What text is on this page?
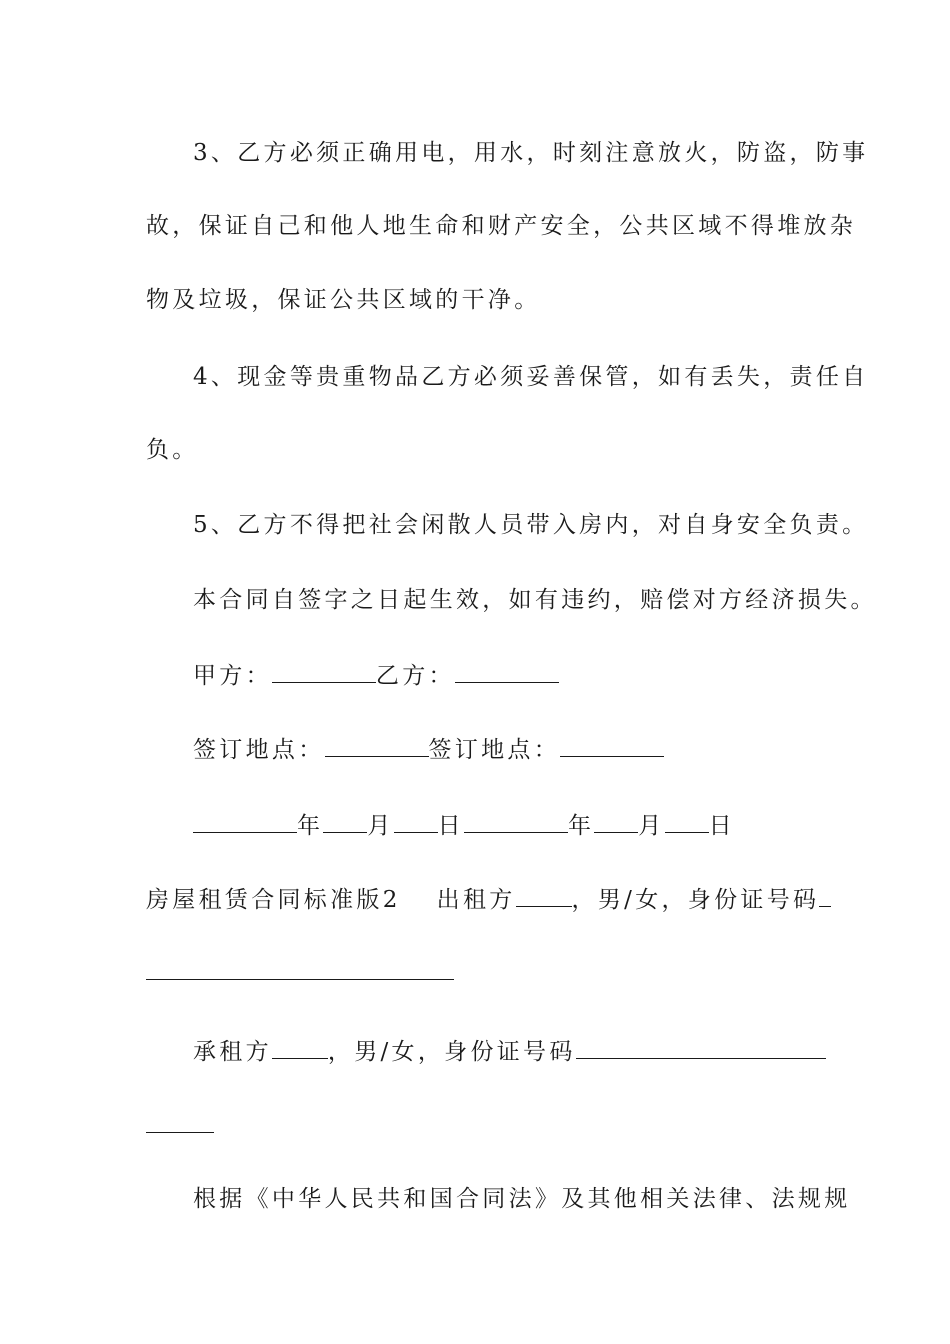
3、乙方必须正确用电，用水，时刻注意放火，防盗，防事
故，保证自己和他人地生命和财产安全，公共区域不得堆放杂
物及垃圾，保证公共区域的干净。
4、现金等贵重物品乙方必须妥善保管，如有丢失，责任自
负。
5、乙方不得把社会闲散人员带入房内，对自身安全负责。
本合同自签字之日起生效，如有违约，赔偿对方经济损失。
甲方：	乙方：
签订地点：	签订地点：
年 月 日	年 月 日
房屋租赁合同标准版2 出租方 ，男/女，身份证号码
承租方 ，男/女，身份证号码
根据《中华人民共和国合同法》及其他相关法律、法规规
